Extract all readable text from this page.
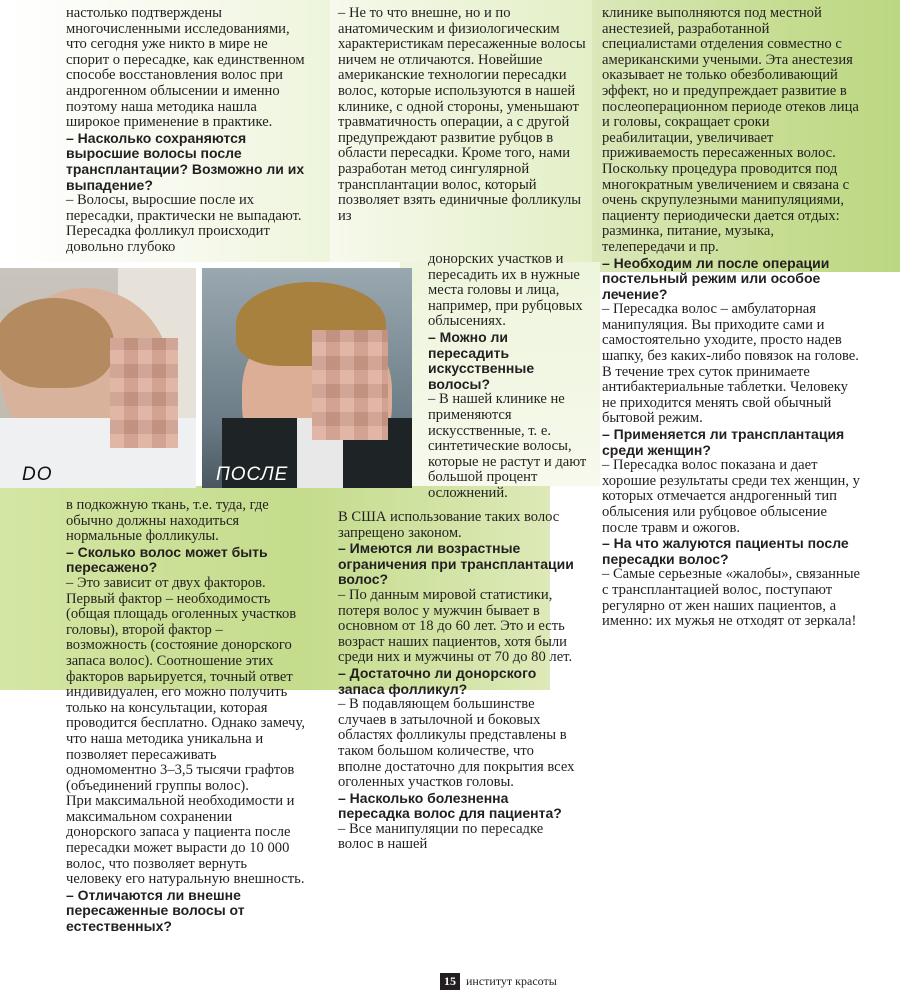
DO	ПОСЛЕ

настолько подтверждены многочисленными исследованиями, что сегодня уже никто в мире не спорит о пересадке, как единственном способе восстановления волос при андрогенном облысении и именно поэтому наша методика нашла широкое применение в практике.

– Насколько сохраняются выросшие волосы после трансплантации? Возможно ли их выпадение?

– Волосы, выросшие после их пересадки, практически не выпадают. Пересадка фолликул происходит довольно глубоко

– Не то что внешне, но и по анатомическим и физиологическим характеристикам пересаженные волосы ничем не отличаются. Новейшие американские технологии пересадки волос, которые используются в нашей клинике, с одной стороны, уменьшают травматичность операции, а с другой предупреждают развитие рубцов в области пересадки. Кроме того, нами разработан метод сингулярной трансплантации волос, который позволяет взять единичные фолликулы из

донорских участков и пересадить их в нужные места головы и лица, например, при рубцовых облысениях.

– Можно ли пересадить искусственные волосы?

– В нашей клинике не применяются искусственные, т. е. синтетические волосы, которые не растут и дают большой процент осложнений.

клинике выполняются под местной анестезией, разработанной специалистами отделения совместно с американскими учеными. Эта анестезия оказывает не только обезболивающий эффект, но и предупреждает развитие в послеоперационном периоде отеков лица и головы, сокращает сроки реабилитации, увеличивает приживаемость пересаженных волос. Поскольку процедура проводится под многократным увеличением и связана с очень скрупулезными манипуляциями, пациенту периодически дается отдых: разминка, питание, музыка, телепередачи и пр.

– Необходим ли после операции постельный режим или особое лечение?

– Пересадка волос – амбулаторная манипуляция. Вы приходите сами и самостоятельно уходите, просто надев шапку, без каких-либо повязок на голове. В течение трех суток принимаете антибактериальные таблетки. Человеку не приходится менять свой обычный бытовой режим.

– Применяется ли трансплантация среди женщин?

– Пересадка волос показана и дает хорошие результаты среди тех женщин, у которых отмечается андрогенный тип облысения или рубцовое облысение после травм и ожогов.

– На что жалуются пациенты после пересадки волос?

– Самые серьезные «жалобы», связанные с трансплантацией волос, поступают регулярно от жен наших пациентов, а именно: их мужья не отходят от зеркала!

в подкожную ткань, т.е. туда, где обычно должны находиться нормальные фолликулы.

– Сколько волос может быть пересажено?

– Это зависит от двух факторов. Первый фактор – необходимость (общая площадь оголенных участков головы), второй фактор – возможность (состояние донорского запаса волос). Соотношение этих факторов варьируется, точный ответ индивидуален, его можно получить только на консультации, которая проводится бесплатно. Однако замечу, что наша методика уникальна и позволяет пересаживать одномоментно 3–3,5 тысячи графтов (объединений группы волос).

При максимальной необходимости и максимальном сохранении донорского запаса у пациента после пересадки может вырасти до 10 000 волос, что позволяет вернуть человеку его натуральную внешность.

– Отличаются ли внешне пересаженные волосы от естественных?

В США использование таких волос запрещено законом.

– Имеются ли возрастные ограничения при трансплантации волос?

– По данным мировой статистики, потеря волос у мужчин бывает в основном от 18 до 60 лет. Это и есть возраст наших пациентов, хотя были среди них и мужчины от 70 до 80 лет.

– Достаточно ли донорского запаса фолликул?

– В подавляющем большинстве случаев в затылочной и боковых областях фолликулы представлены в таком большом количестве, что вполне достаточно для покрытия всех оголенных участков головы.

– Насколько болезненна пересадка волос для пациента?

– Все манипуляции по пересадке волос в нашей

15 институт красоты
